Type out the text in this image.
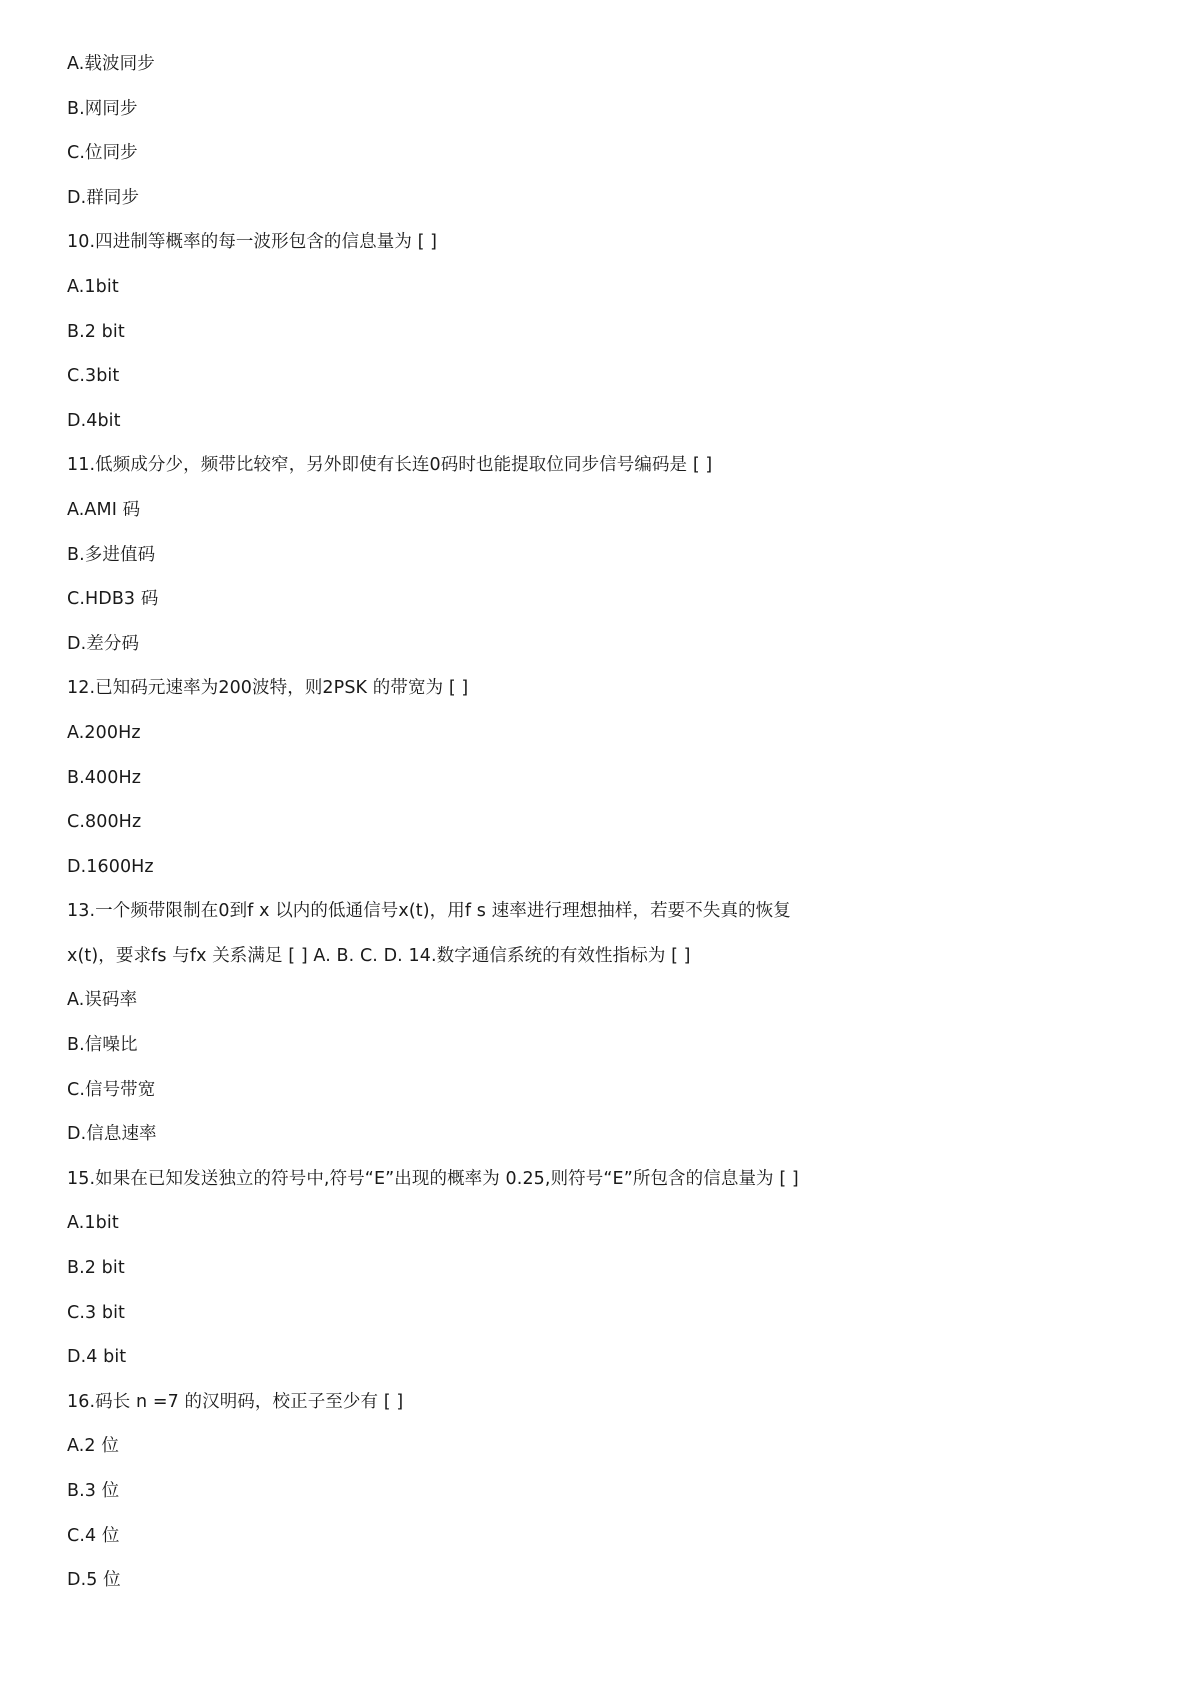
A.载波同步
B.网同步
C.位同步
D.群同步
10.四进制等概率的每一波形包含的信息量为 [ ]
A.1bit
B.2 bit
C.3bit
D.4bit
11.低频成分少，频带比较窄，另外即使有长连0码时也能提取位同步信号编码是 [ ]
A.AMI 码
B.多进值码
C.HDB3 码
D.差分码
12.已知码元速率为200波特，则2PSK 的带宽为 [ ]
A.200Hz
B.400Hz
C.800Hz
D.1600Hz
13.一个频带限制在0到f x 以内的低通信号x(t)，用f s 速率进行理想抽样，若要不失真的恢复
x(t)，要求fs 与fx 关系满足 [ ] A. B. C. D. 14.数字通信系统的有效性指标为 [ ]
A.误码率
B.信噪比
C.信号带宽
D.信息速率
15.如果在已知发送独立的符号中,符号“E”出现的概率为 0.25,则符号“E”所包含的信息量为 [ ]
A.1bit
B.2 bit
C.3 bit
D.4 bit
16.码长 n =7 的汉明码，校正子至少有 [ ]
A.2 位
B.3 位
C.4 位
D.5 位
